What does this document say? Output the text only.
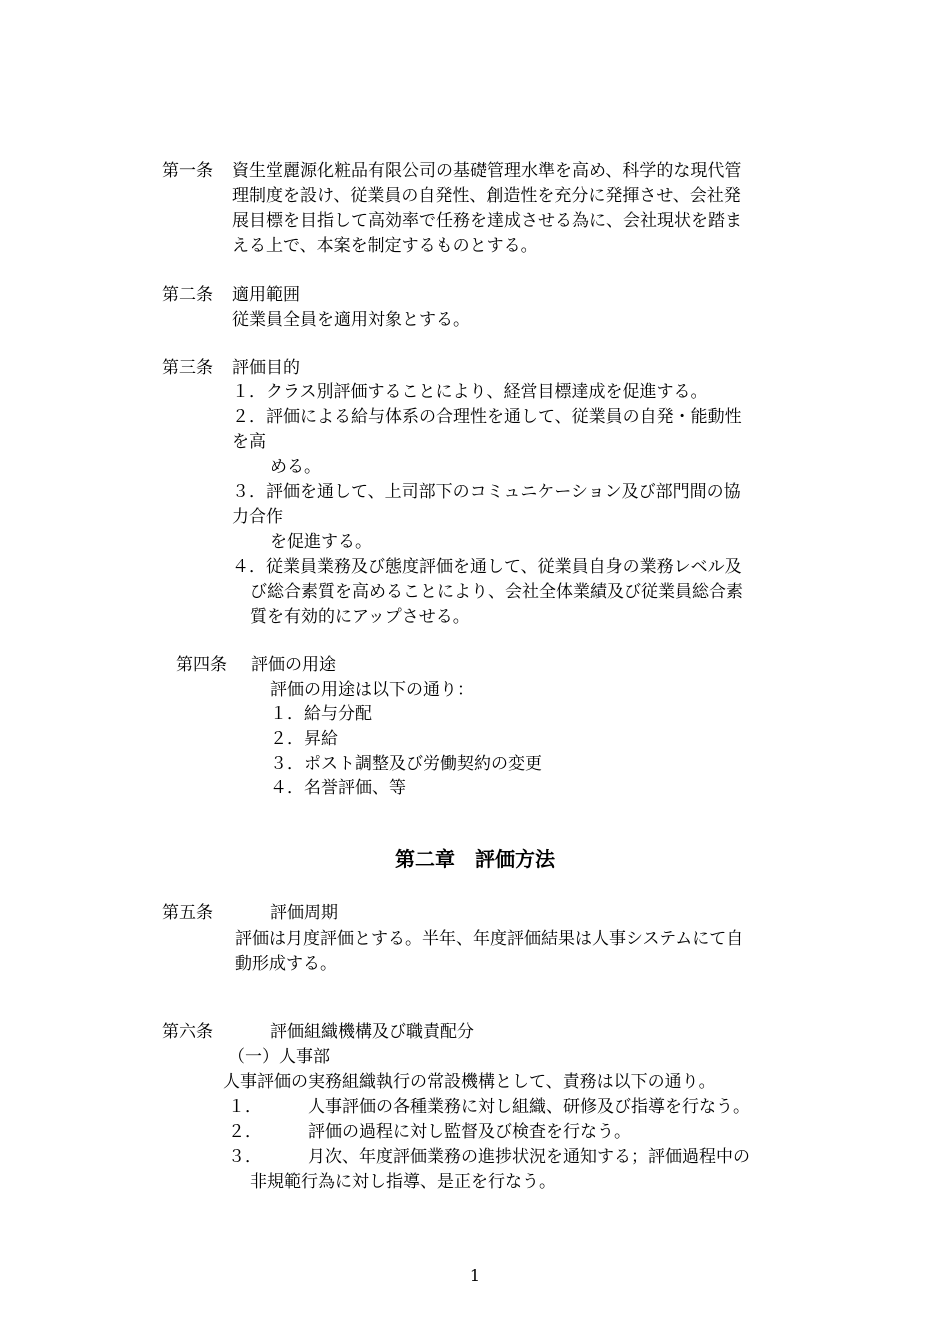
第一条 資生堂麗源化粧品有限公司の基礎管理水準を高め、科学的な現代管
理制度を設け、従業員の自発性、創造性を充分に発揮させ、会社発
展目標を目指して高効率で任務を達成させる為に、会社現状を踏ま
える上で、本案を制定するものとする。
第二条 適用範囲
従業員全員を適用対象とする。
第三条 評価目的
１．クラス別評価することにより、経営目標達成を促進する。
２．評価による給与体系の合理性を通して、従業員の自発・能動性
を高
める。
３．評価を通して、上司部下のコミュニケーション及び部門間の協
力合作
を促進する。
４．従業員業務及び態度評価を通して、従業員自身の業務レベル及
び総合素質を高めることにより、会社全体業績及び従業員総合素
質を有効的にアップさせる。
第四条 評価の用途
評価の用途は以下の通り：
１．給与分配
２．昇給
３．ポスト調整及び労働契約の変更
４．名誉評価、等
第二章　評価方法
第五条	評価周期
評価は月度評価とする。半年、年度評価結果は人事システムにて自
動形成する。
第六条	評価組織機構及び職責配分
（一）人事部
人事評価の実務組織執行の常設機構として、責務は以下の通り。
１．	人事評価の各種業務に対し組織、研修及び指導を行なう。
２．	評価の過程に対し監督及び検査を行なう。
３．	月次、年度評価業務の進捗状況を通知する；評価過程中の
非規範行為に対し指導、是正を行なう。
1
